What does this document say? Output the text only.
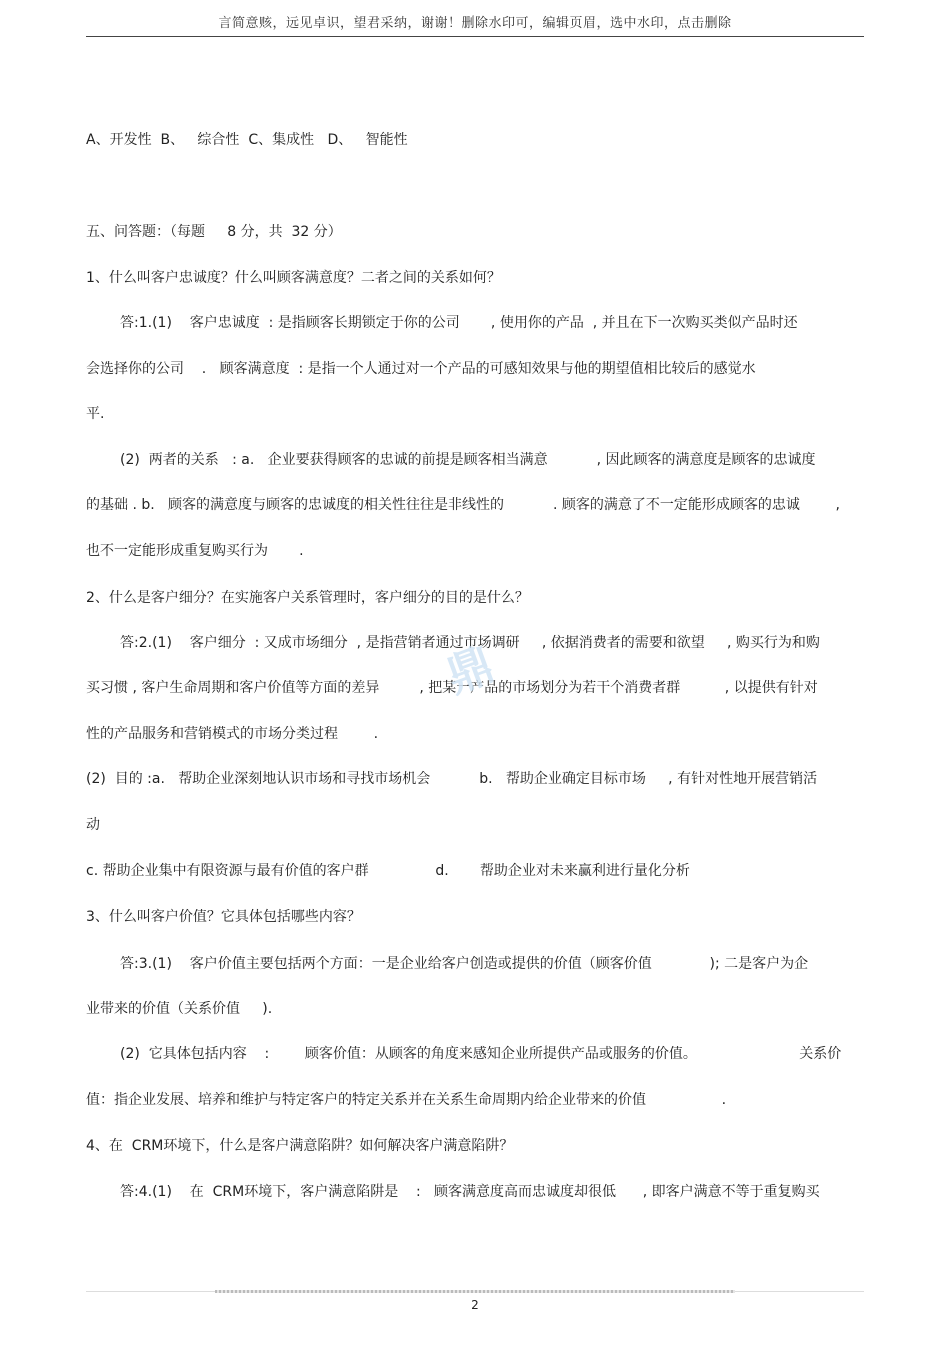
言简意赅，远见卓识，望君采纳，谢谢！删除水印可，编辑页眉，选中水印，点击删除
A、开发性  B、   综合性  C、集成性   D、   智能性
五、问答题：（每题     8 分，共  32 分）
1、什么叫客户忠诚度？什么叫顾客满意度？二者之间的关系如何？
答:1.(1)    客户忠诚度  : 是指顾客长期锁定于你的公司       , 使用你的产品  , 并且在下一次购买类似产品时还
会选择你的公司    .   顾客满意度  : 是指一个人通过对一个产品的可感知效果与他的期望值相比较后的感觉水
平.
(2)  两者的关系   : a.   企业要获得顾客的忠诚的前提是顾客相当满意           , 因此顾客的满意度是顾客的忠诚度
的基础 . b.   顾客的满意度与顾客的忠诚度的相关性往往是非线性的           . 顾客的满意了不一定能形成顾客的忠诚        ,
也不一定能形成重复购买行为       .
2、什么是客户细分？在实施客户关系管理时，客户细分的目的是什么？
答:2.(1)    客户细分  : 又成市场细分  , 是指营销者通过市场调研     , 依据消费者的需要和欲望     , 购买行为和购
买习惯 , 客户生命周期和客户价值等方面的差异         , 把某一产品的市场划分为若干个消费者群          , 以提供有针对
性的产品服务和营销模式的市场分类过程        .
(2)  目的 :a.   帮助企业深刻地认识市场和寻找市场机会           b.   帮助企业确定目标市场     , 有针对性地开展营销活
动
c. 帮助企业集中有限资源与最有价值的客户群               d.       帮助企业对未来赢利进行量化分析
3、什么叫客户价值？它具体包括哪些内容？
答:3.(1)    客户价值主要包括两个方面：一是企业给客户创造或提供的价值（顾客价值             ); 二是客户为企
业带来的价值（关系价值     ).
(2)  它具体包括内容    :        顾客价值：从顾客的角度来感知企业所提供产品或服务的价值。                       关系价
值：指企业发展、培养和维护与特定客户的特定关系并在关系生命周期内给企业带来的价值                 .
4、在  CRM环境下，什么是客户满意陷阱？如何解决客户满意陷阱？
答:4.(1)    在  CRM环境下，客户满意陷阱是    :   顾客满意度高而忠诚度却很低      , 即客户满意不等于重复购买
鼎
2
